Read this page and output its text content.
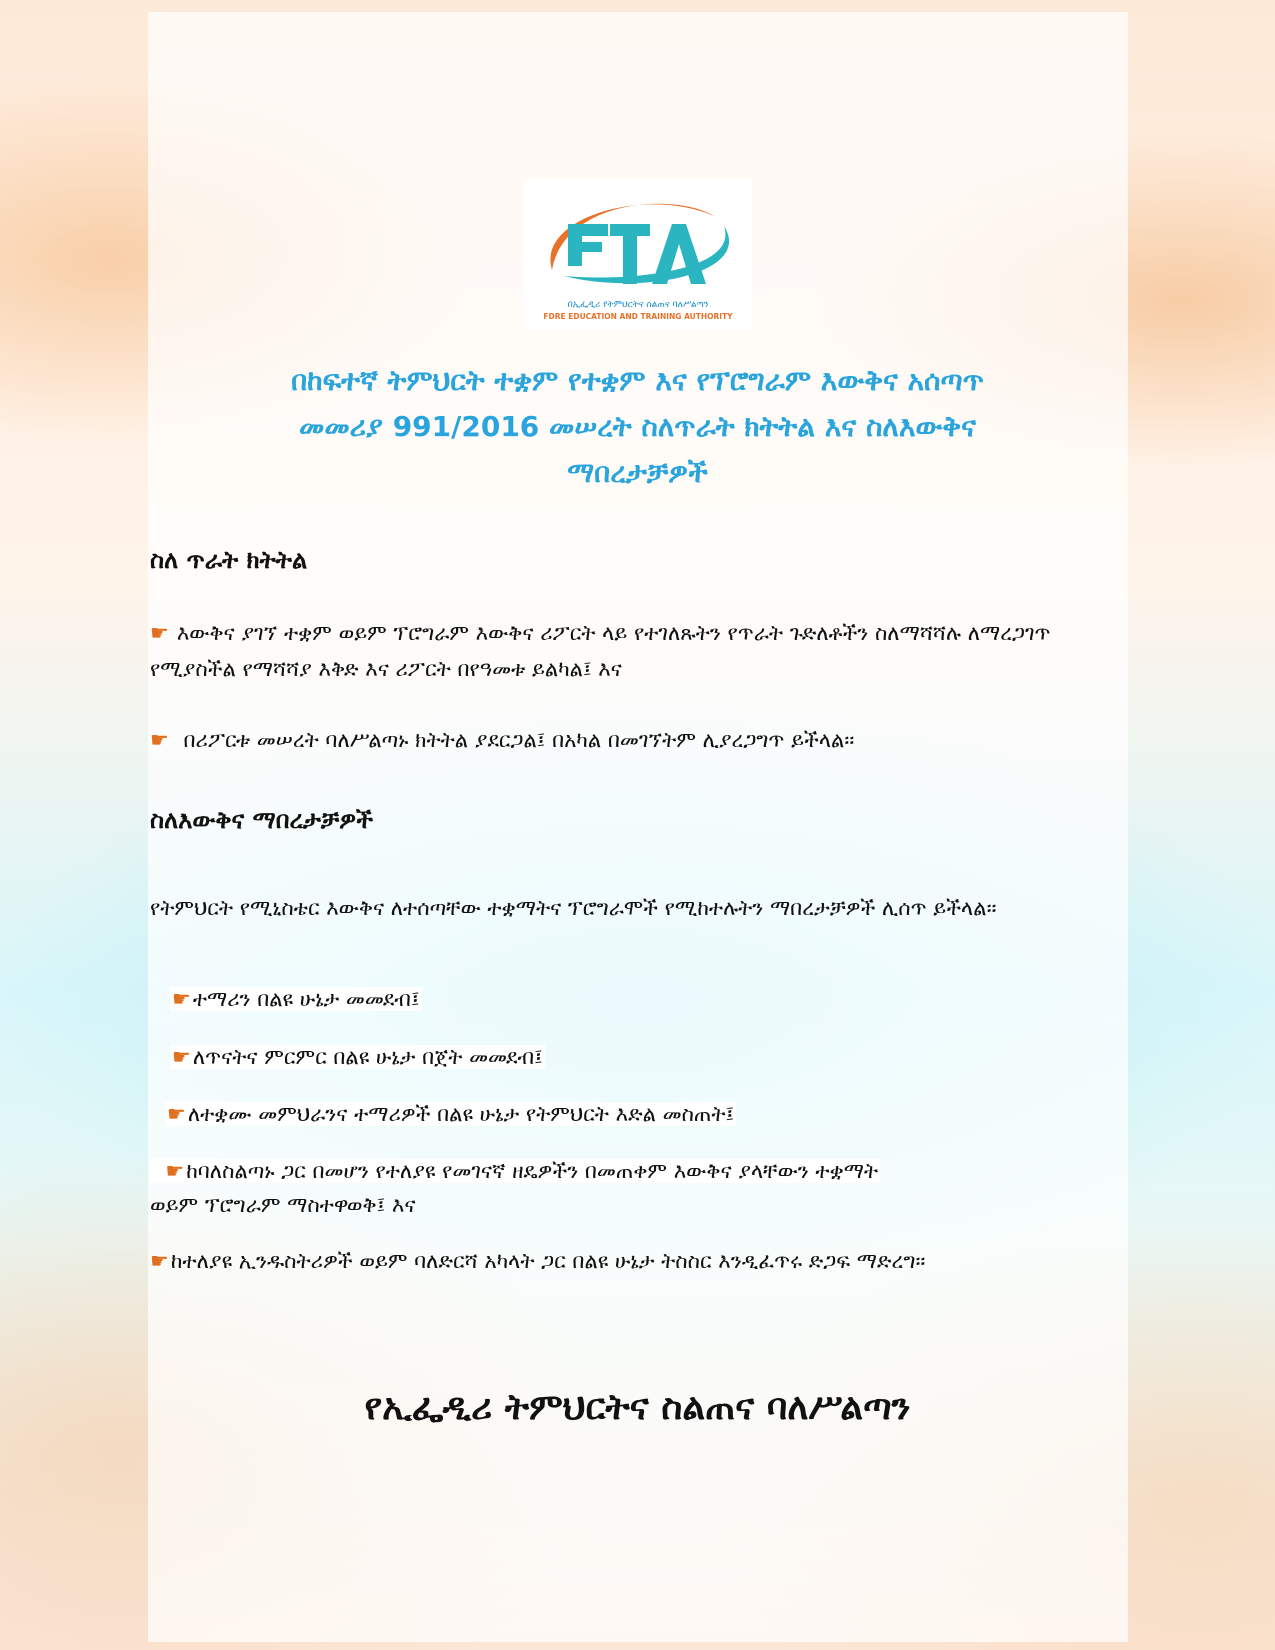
በኢፌዲሪ የትምህርትና ስልጠና ባለሥልጣን
FDRE EDUCATION AND TRAINING AUTHORITY
በከፍተኛ ትምህርት ተቋም የተቋም እና የፕሮግራም እውቅና አሰጣጥ
መመሪያ 991/2016 መሠረት ስለጥራት ክትትል እና ስለእውቅና
ማበረታቻዎች
ስለ ጥራት ክትትል

☛ እውቅና ያገኘ ተቋም ወይም ፕሮግራም እውቅና ሪፖርት ላይ የተገለጹትን የጥራት ጉድለቶችን ስለማሻሻሉ ለማረጋገጥ የሚያስችል የማሻሻያ እቅድ እና ሪፖርት በየዓመቱ ይልካል፤ እና

☛ በሪፖርቱ መሠረት ባለሥልጣኑ ክትትል ያደርጋል፤ በአካል በመገኘትም ሊያረጋግጥ ይችላል፡፡

ስለእውቅና ማበረታቻዎች

የትምህርት የሚኒስቴር እውቅና ለተሰጣቸው ተቋማትና ፕሮግራሞች የሚከተሉትን ማበረታቻዎች ሊሰጥ ይችላል፡፡

☛ተማሪን በልዩ ሁኔታ መመደብ፤

☛ለጥናትና ምርምር በልዩ ሁኔታ በጀት መመደብ፤

☛ለተቋሙ መምህራንና ተማሪዎች በልዩ ሁኔታ የትምህርት እድል መስጠት፤

☛ከባለስልጣኑ ጋር በመሆን የተለያዩ የመገናኛ ዘዴዎችን በመጠቀም እውቅና ያላቸውን ተቋማት
ወይም ፕሮግራም ማስተዋወቅ፤ እና

☛ከተለያዩ ኢንዱስትሪዎች ወይም ባለድርሻ አካላት ጋር በልዩ ሁኔታ ትስስር እንዲፈጥሩ ድጋፍ ማድረግ፡፡

የኢፌዲሪ ትምህርትና ስልጠና ባለሥልጣን
